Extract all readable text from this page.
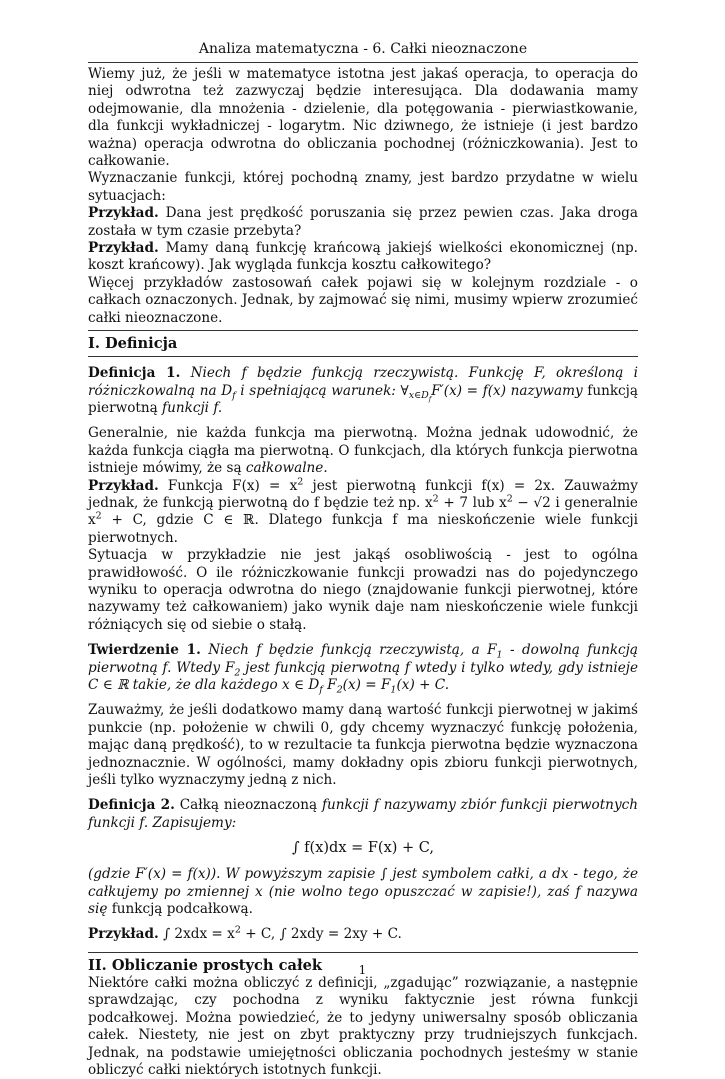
Analiza matematyczna - 6. Całki nieoznaczone

Wiemy już, że jeśli w matematyce istotna jest jakaś operacja, to operacja do niej odwrotna też zazwyczaj będzie interesująca. Dla dodawania mamy odejmowanie, dla mnożenia - dzielenie, dla potęgowania - pierwiastkowanie, dla funkcji wykładniczej - logarytm. Nic dziwnego, że istnieje (i jest bardzo ważna) operacja odwrotna do obliczania pochodnej (różniczkowania). Jest to całkowanie.

Wyznaczanie funkcji, której pochodną znamy, jest bardzo przydatne w wielu sytuacjach:

Przykład. Dana jest prędkość poruszania się przez pewien czas. Jaka droga została w tym czasie przebyta?

Przykład. Mamy daną funkcję krańcową jakiejś wielkości ekonomicznej (np. koszt krańcowy). Jak wygląda funkcja kosztu całkowitego?

Więcej przykładów zastosowań całek pojawi się w kolejnym rozdziale - o całkach oznaczonych. Jednak, by zajmować się nimi, musimy wpierw zrozumieć całki nieoznaczone.

I. Definicja

Definicja 1. Niech f będzie funkcją rzeczywistą. Funkcję F, określoną i różniczkowalną na $D_f$ i spełniającą warunek: $\forall_{x\in D_f}F'(x) = f(x)$ nazywamy funkcją pierwotną funkcji f.

Generalnie, nie każda funkcja ma pierwotną. Można jednak udowodnić, że każda funkcja ciągła ma pierwotną. O funkcjach, dla których funkcja pierwotna istnieje mówimy, że są całkowalne.

Przykład. Funkcja $F(x) = x^2$ jest pierwotną funkcji f(x) = 2x. Zauważmy jednak, że funkcją pierwotną do f będzie też np. $x^2 + 7$ lub $x^2 - √2$ i generalnie $x^2 + C$, gdzie C ∈ ℝ. Dlatego funkcja f ma nieskończenie wiele funkcji pierwotnych.

Sytuacja w przykładzie nie jest jakąś osobliwością - jest to ogólna prawidłowość. O ile różniczkowanie funkcji prowadzi nas do pojedynczego wyniku to operacja odwrotna do niego (znajdowanie funkcji pierwotnej, które nazywamy też całkowaniem) jako wynik daje nam nieskończenie wiele funkcji różniących się od siebie o stałą.

Twierdzenie 1. Niech f będzie funkcją rzeczywistą, a $F_1$ - dowolną funkcją pierwotną f. Wtedy $F_2$ jest funkcją pierwotną f wtedy i tylko wtedy, gdy istnieje C ∈ ℝ takie, że dla każdego x ∈ $D_f$ $F_2(x) = F_1(x) + C$.

Zauważmy, że jeśli dodatkowo mamy daną wartość funkcji pierwotnej w jakimś punkcie (np. położenie w chwili 0, gdy chcemy wyznaczyć funkcję położenia, mając daną prędkość), to w rezultacie ta funkcja pierwotna będzie wyznaczona jednoznacznie. W ogólności, mamy dokładny opis zbioru funkcji pierwotnych, jeśli tylko wyznaczymy jedną z nich.

Definicja 2. Całką nieoznaczoną funkcji f nazywamy zbiór funkcji pierwotnych funkcji f. Zapisujemy:

∫ f(x)dx = F(x) + C,

(gdzie F′(x) = f(x)). W powyższym zapisie ∫ jest symbolem całki, a dx - tego, że całkujemy po zmiennej x (nie wolno tego opuszczać w zapisie!), zaś f nazywa się funkcją podcałkową.

Przykład. ∫ $2xdx = x^2 + C$, ∫ 2xdy = 2xy + C.

II. Obliczanie prostych całek

Niektóre całki można obliczyć z definicji, „zgadując” rozwiązanie, a następnie sprawdzając, czy pochodna z wyniku faktycznie jest równa funkcji podcałkowej. Można powiedzieć, że to jedyny uniwersalny sposób obliczania całek. Niestety, nie jest on zbyt praktyczny przy trudniejszych funkcjach. Jednak, na podstawie umiejętności obliczania pochodnych jesteśmy w stanie obliczyć całki niektórych istotnych funkcji.

1
